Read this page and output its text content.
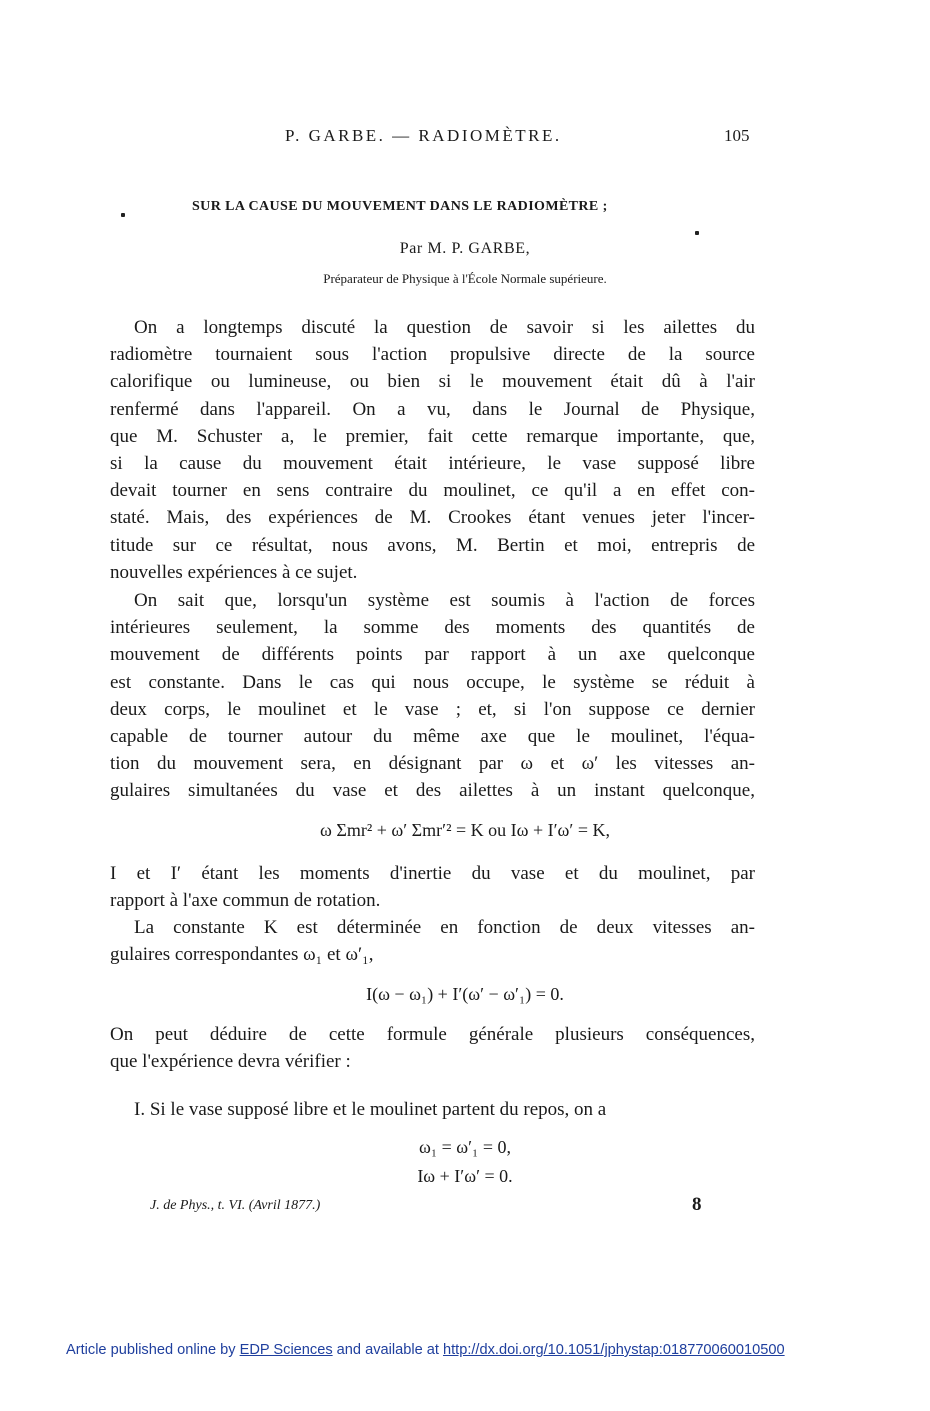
P. GARBE. — RADIOMÈTRE.	105
SUR LA CAUSE DU MOUVEMENT DANS LE RADIOMÈTRE ;
Par M. P. GARBE,
Préparateur de Physique à l'École Normale supérieure.
On a longtemps discuté la question de savoir si les ailettes du
radiomètre tournaient sous l'action propulsive directe de la source
calorifique ou lumineuse, ou bien si le mouvement était dû à l'air
renfermé dans l'appareil. On a vu, dans le Journal de Physique,
que M. Schuster a, le premier, fait cette remarque importante, que,
si la cause du mouvement était intérieure, le vase supposé libre
devait tourner en sens contraire du moulinet, ce qu'il a en effet con-
staté. Mais, des expériences de M. Crookes étant venues jeter l'incer-
titude sur ce résultat, nous avons, M. Bertin et moi, entrepris de
nouvelles expériences à ce sujet.
On sait que, lorsqu'un système est soumis à l'action de forces
intérieures seulement, la somme des moments des quantités de
mouvement de différents points par rapport à un axe quelconque
est constante. Dans le cas qui nous occupe, le système se réduit à
deux corps, le moulinet et le vase ; et, si l'on suppose ce dernier
capable de tourner autour du même axe que le moulinet, l'équa-
tion du mouvement sera, en désignant par ω et ω′ les vitesses an-
gulaires simultanées du vase et des ailettes à un instant quelconque,
ω Σmr² + ω′ Σmr′² = K ou Iω + I′ω′ = K,
I et I′ étant les moments d'inertie du vase et du moulinet, par
rapport à l'axe commun de rotation.
La constante K est déterminée en fonction de deux vitesses an-
gulaires correspondantes ω₁ et ω′₁,
I(ω − ω₁) + I′(ω′ − ω′₁) = 0.
On peut déduire de cette formule générale plusieurs conséquences,
que l'expérience devra vérifier :
I. Si le vase supposé libre et le moulinet partent du repos, on a
ω₁ = ω′₁ = 0,
Iω + I′ω′ = 0.
J. de Phys., t. VI. (Avril 1877.)	8
Article published online by EDP Sciences and available at http://dx.doi.org/10.1051/jphystap:018770060010500
